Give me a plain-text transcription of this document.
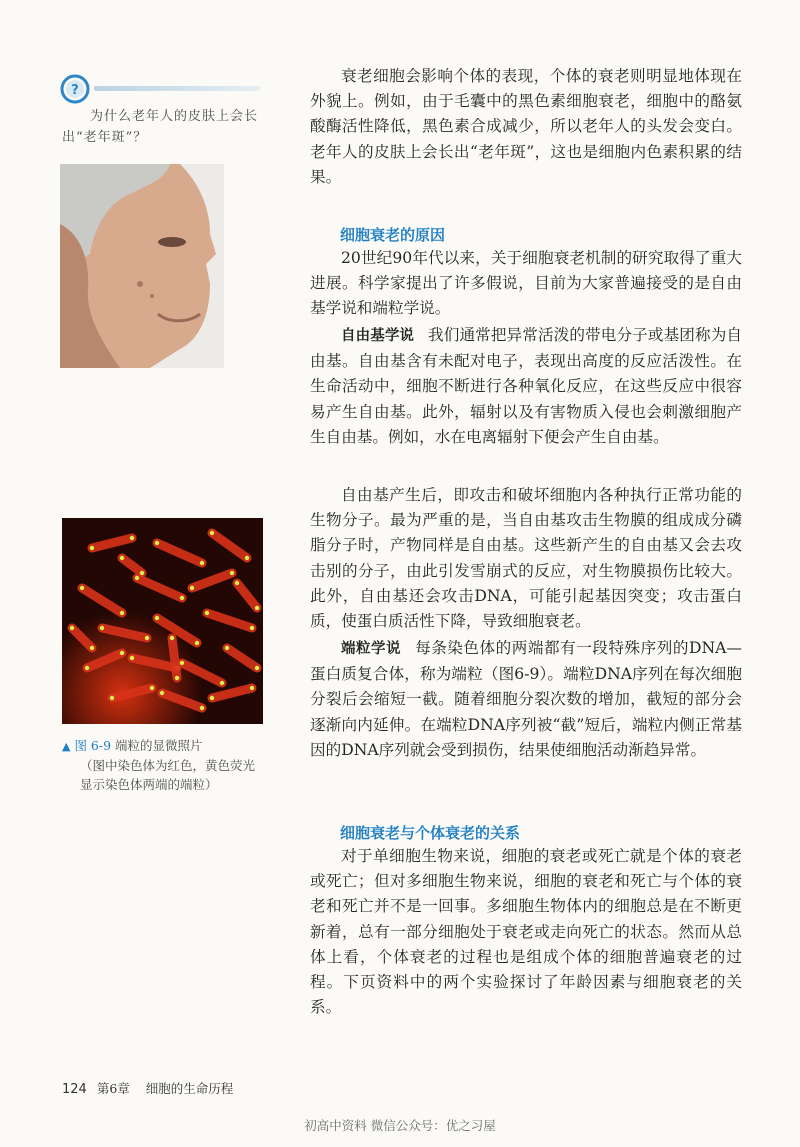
?
为什么老年人的皮肤上会长出“老年斑”？
▲ 图 6-9 端粒的显微照片
（图中染色体为红色，黄色荧光显示染色体两端的端粒）
衰老细胞会影响个体的表现，个体的衰老则明显地体现在外貌上。例如，由于毛囊中的黑色素细胞衰老，细胞中的酪氨酸酶活性降低，黑色素合成减少，所以老年人的头发会变白。老年人的皮肤上会长出“老年斑”，这也是细胞内色素积累的结果。
细胞衰老的原因
20世纪90年代以来，关于细胞衰老机制的研究取得了重大进展。科学家提出了许多假说，目前为大家普遍接受的是自由基学说和端粒学说。
自由基学说 我们通常把异常活泼的带电分子或基团称为自由基。自由基含有未配对电子，表现出高度的反应活泼性。在生命活动中，细胞不断进行各种氧化反应，在这些反应中很容易产生自由基。此外，辐射以及有害物质入侵也会刺激细胞产生自由基。例如，水在电离辐射下便会产生自由基。
自由基产生后，即攻击和破坏细胞内各种执行正常功能的生物分子。最为严重的是，当自由基攻击生物膜的组成成分磷脂分子时，产物同样是自由基。这些新产生的自由基又会去攻击别的分子，由此引发雪崩式的反应，对生物膜损伤比较大。此外，自由基还会攻击DNA，可能引起基因突变；攻击蛋白质，使蛋白质活性下降，导致细胞衰老。
端粒学说 每条染色体的两端都有一段特殊序列的DNA—蛋白质复合体，称为端粒（图6-9）。端粒DNA序列在每次细胞分裂后会缩短一截。随着细胞分裂次数的增加，截短的部分会逐渐向内延伸。在端粒DNA序列被“截”短后，端粒内侧正常基因的DNA序列就会受到损伤，结果使细胞活动渐趋异常。
细胞衰老与个体衰老的关系
对于单细胞生物来说，细胞的衰老或死亡就是个体的衰老或死亡；但对多细胞生物来说，细胞的衰老和死亡与个体的衰老和死亡并不是一回事。多细胞生物体内的细胞总是在不断更新着，总有一部分细胞处于衰老或走向死亡的状态。然而从总体上看，个体衰老的过程也是组成个体的细胞普遍衰老的过程。下页资料中的两个实验探讨了年龄因素与细胞衰老的关系。
124 第6章 细胞的生命历程
初高中资料 微信公众号：优之习屋
